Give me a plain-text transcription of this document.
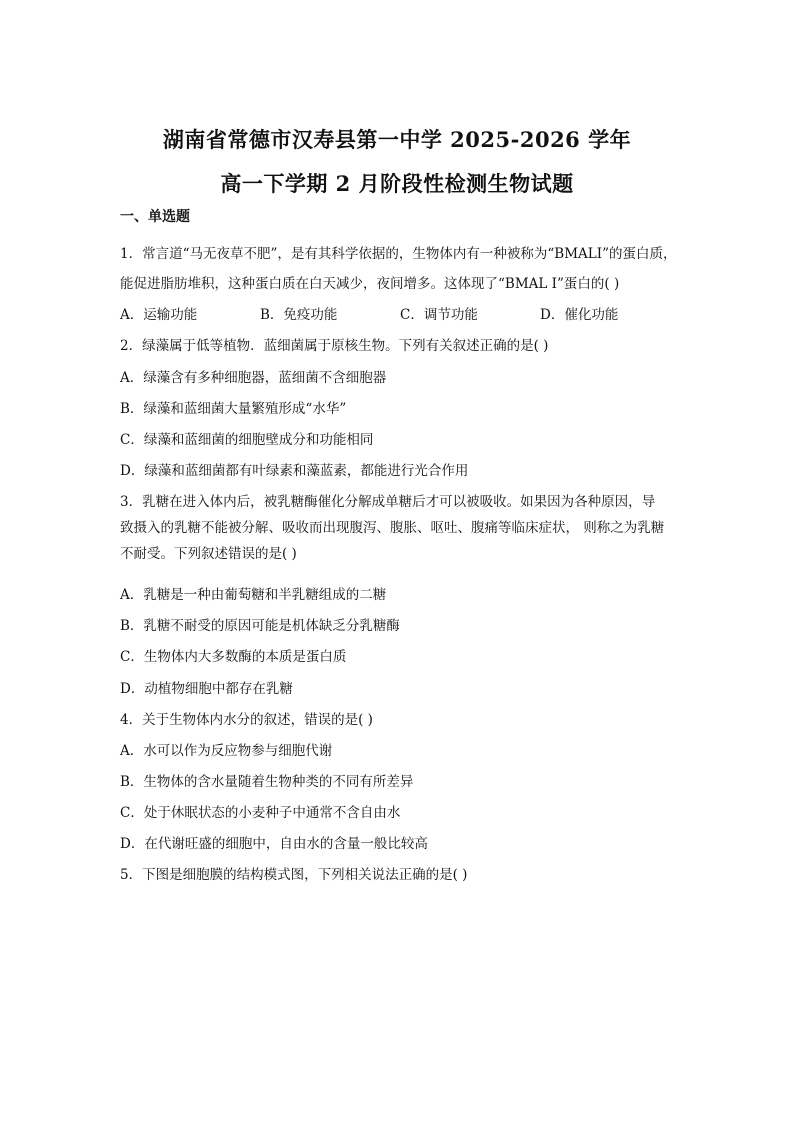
湖南省常德市汉寿县第一中学 2025-2026 学年
高一下学期 2 月阶段性检测生物试题
一、单选题
1．常言道“马无夜草不肥”，是有其科学依据的，生物体内有一种被称为“BMALI”的蛋白质，
能促进脂肪堆积，这种蛋白质在白天减少，夜间增多。这体现了“BMAL I”蛋白的( )
A．运输功能	B．免疫功能	C．调节功能	D．催化功能
2．绿藻属于低等植物．蓝细菌属于原核生物。下列有关叙述正确的是( )
A．绿藻含有多种细胞器，蓝细菌不含细胞器
B．绿藻和蓝细菌大量繁殖形成“水华”
C．绿藻和蓝细菌的细胞壁成分和功能相同
D．绿藻和蓝细菌都有叶绿素和藻蓝素，都能进行光合作用
3．乳糖在进入体内后，被乳糖酶催化分解成单糖后才可以被吸收。如果因为各种原因，导
致摄入的乳糖不能被分解、吸收而出现腹泻、腹胀、呕吐、腹痛等临床症状， 则称之为乳糖
不耐受。下列叙述错误的是( )
A．乳糖是一种由葡萄糖和半乳糖组成的二糖
B．乳糖不耐受的原因可能是机体缺乏分乳糖酶
C．生物体内大多数酶的本质是蛋白质
D．动植物细胞中都存在乳糖
4．关于生物体内水分的叙述，错误的是( )
A．水可以作为反应物参与细胞代谢
B．生物体的含水量随着生物种类的不同有所差异
C．处于休眠状态的小麦种子中通常不含自由水
D．在代谢旺盛的细胞中，自由水的含量一般比较高
5．下图是细胞膜的结构模式图，下列相关说法正确的是( )
